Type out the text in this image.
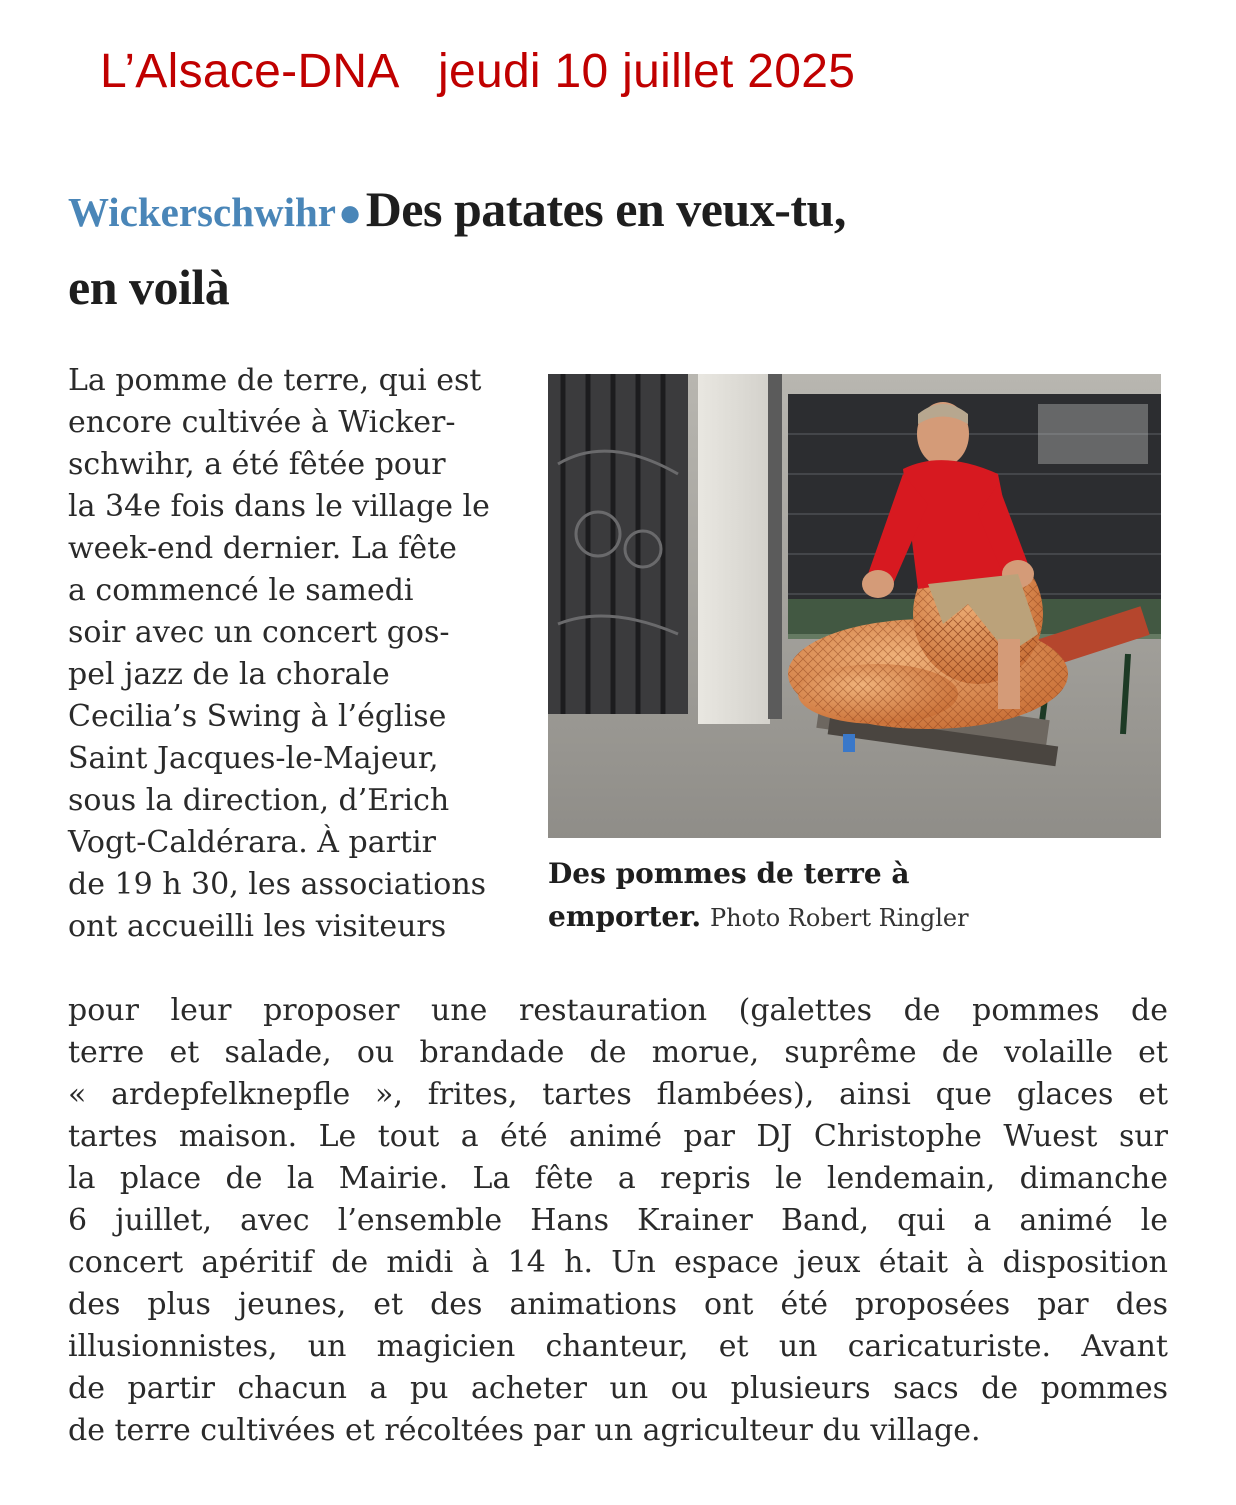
L’Alsace-DNA jeudi 10 juillet 2025
Wickerschwihr●Des patates en veux-tu,
en voilà
La pomme de terre, qui est
encore cultivée à Wicker-
schwihr, a été fêtée pour
la 34e fois dans le village le
week-end dernier. La fête
a commencé le samedi
soir avec un concert gos-
pel jazz de la chorale
Cecilia’s Swing à l’église
Saint Jacques-le-Majeur,
sous la direction, d’Erich
Vogt-Caldérara. À partir
de 19 h 30, les associations
ont accueilli les visiteurs
Des pommes de terre à
emporter. Photo Robert Ringler
pour leur proposer une restauration (galettes de pommes de
terre et salade, ou brandade de morue, suprême de volaille et
« ardepfelknepfle », frites, tartes flambées), ainsi que glaces et
tartes maison. Le tout a été animé par DJ Christophe Wuest sur
la place de la Mairie. La fête a repris le lendemain, dimanche
6 juillet, avec l’ensemble Hans Krainer Band, qui a animé le
concert apéritif de midi à 14 h. Un espace jeux était à disposition
des plus jeunes, et des animations ont été proposées par des
illusionnistes, un magicien chanteur, et un caricaturiste. Avant
de partir chacun a pu acheter un ou plusieurs sacs de pommes
de terre cultivées et récoltées par un agriculteur du village.
